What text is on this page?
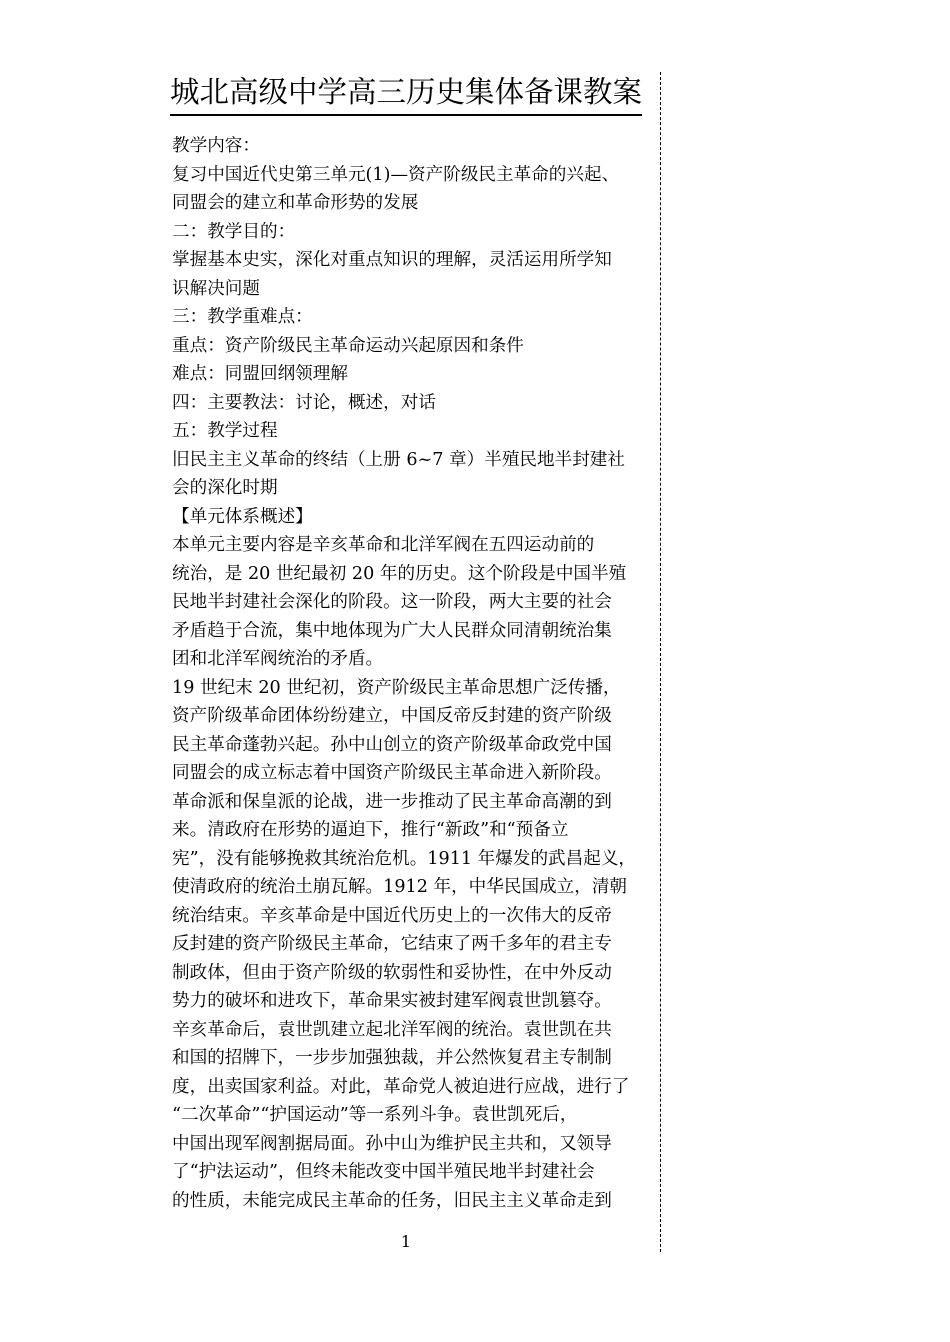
城北高级中学高三历史集体备课教案
教学内容：
复习中国近代史第三单元(1)—资产阶级民主革命的兴起、
同盟会的建立和革命形势的发展
二：教学目的：
掌握基本史实，深化对重点知识的理解，灵活运用所学知
识解决问题
三：教学重难点：
重点：资产阶级民主革命运动兴起原因和条件
难点：同盟回纲领理解
四：主要教法：讨论，概述，对话
五：教学过程
旧民主主义革命的终结（上册 6~7 章）半殖民地半封建社
会的深化时期
【单元体系概述】
本单元主要内容是辛亥革命和北洋军阀在五四运动前的
统治，是 20 世纪最初 20 年的历史。这个阶段是中国半殖
民地半封建社会深化的阶段。这一阶段，两大主要的社会
矛盾趋于合流，集中地体现为广大人民群众同清朝统治集
团和北洋军阀统治的矛盾。
19 世纪末 20 世纪初，资产阶级民主革命思想广泛传播，
资产阶级革命团体纷纷建立，中国反帝反封建的资产阶级
民主革命蓬勃兴起。孙中山创立的资产阶级革命政党中国
同盟会的成立标志着中国资产阶级民主革命进入新阶段。
革命派和保皇派的论战，进一步推动了民主革命高潮的到
来。清政府在形势的逼迫下，推行“新政”和“预备立
宪”，没有能够挽救其统治危机。1911 年爆发的武昌起义，
使清政府的统治土崩瓦解。1912 年，中华民国成立，清朝
统治结束。辛亥革命是中国近代历史上的一次伟大的反帝
反封建的资产阶级民主革命，它结束了两千多年的君主专
制政体，但由于资产阶级的软弱性和妥协性，在中外反动
势力的破坏和进攻下，革命果实被封建军阀袁世凯篡夺。
辛亥革命后，袁世凯建立起北洋军阀的统治。袁世凯在共
和国的招牌下，一步步加强独裁，并公然恢复君主专制制
度，出卖国家利益。对此，革命党人被迫进行应战，进行了
“二次革命”“护国运动”等一系列斗争。袁世凯死后，
中国出现军阀割据局面。孙中山为维护民主共和，又领导
了“护法运动”，但终未能改变中国半殖民地半封建社会
的性质，未能完成民主革命的任务，旧民主主义革命走到
1
